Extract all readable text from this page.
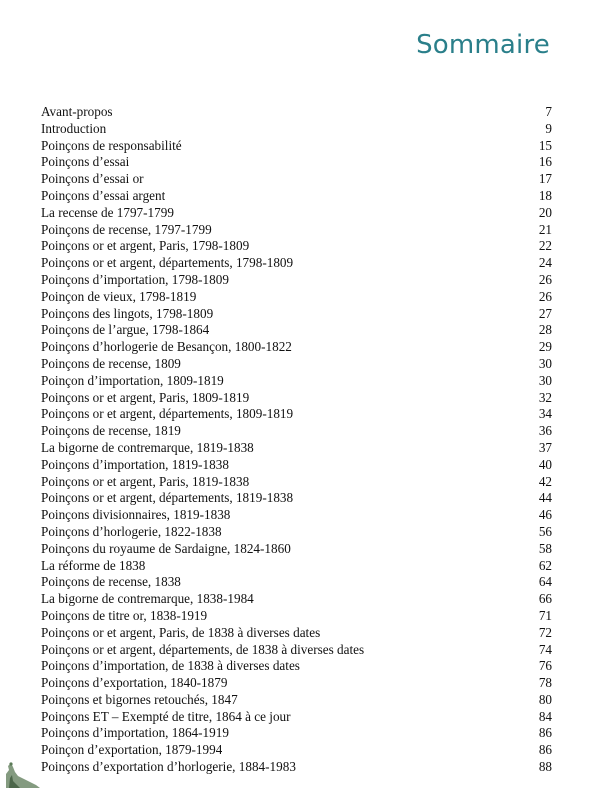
Sommaire
Avant-propos	7
Introduction	9
Poinçons de responsabilité	15
Poinçons d’essai	16
Poinçons d’essai or	17
Poinçons d’essai argent	18
La recense de 1797-1799	20
Poinçons de recense, 1797-1799	21
Poinçons or et argent, Paris, 1798-1809	22
Poinçons or et argent, départements, 1798-1809	24
Poinçons d’importation, 1798-1809	26
Poinçon de vieux, 1798-1819	26
Poinçons des lingots, 1798-1809	27
Poinçons de l’argue, 1798-1864	28
Poinçons d’horlogerie de Besançon, 1800-1822	29
Poinçons de recense, 1809	30
Poinçon d’importation, 1809-1819	30
Poinçons or et argent, Paris, 1809-1819	32
Poinçons or et argent, départements, 1809-1819	34
Poinçons de recense, 1819	36
La bigorne de contremarque, 1819-1838	37
Poinçons d’importation, 1819-1838	40
Poinçons or et argent, Paris, 1819-1838	42
Poinçons or et argent, départements, 1819-1838	44
Poinçons divisionnaires, 1819-1838	46
Poinçons d’horlogerie, 1822-1838	56
Poinçons du royaume de Sardaigne, 1824-1860	58
La réforme de 1838	62
Poinçons de recense, 1838	64
La bigorne de contremarque, 1838-1984	66
Poinçons de titre or, 1838-1919	71
Poinçons or et argent, Paris, de 1838 à diverses dates	72
Poinçons or et argent, départements, de 1838 à diverses dates	74
Poinçons d’importation, de 1838 à diverses dates	76
Poinçons d’exportation, 1840-1879	78
Poinçons et bigornes retouchés, 1847	80
Poinçons ET – Exempté de titre, 1864 à ce jour	84
Poinçons d’importation, 1864-1919	86
Poinçon d’exportation, 1879-1994	86
Poinçons d’exportation d’horlogerie, 1884-1983	88
